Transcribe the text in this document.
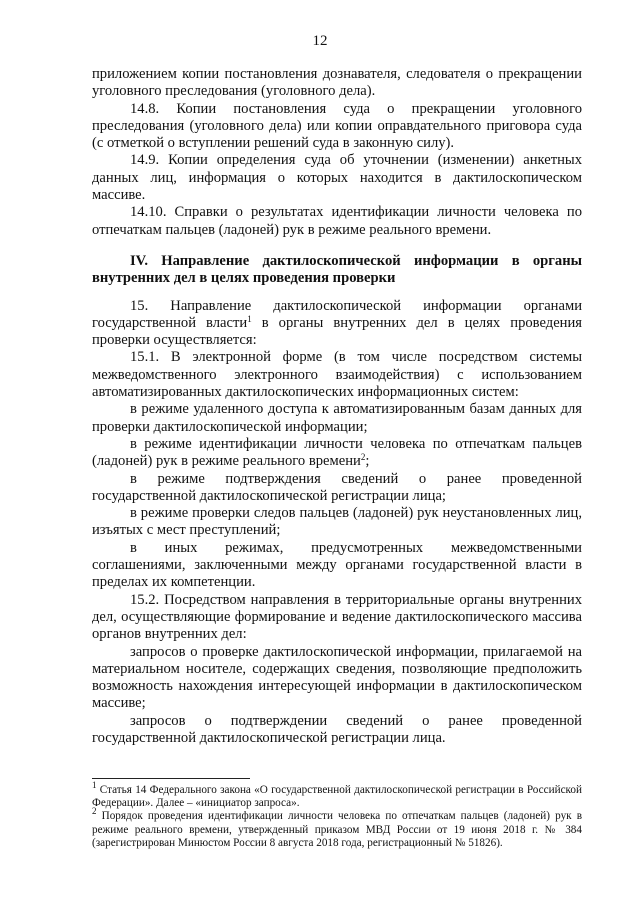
12

приложением копии постановления дознавателя, следователя о прекращении уголовного преследования (уголовного дела).

14.8. Копии постановления суда о прекращении уголовного преследования (уголовного дела) или копии оправдательного приговора суда (с отметкой о вступлении решений суда в законную силу).

14.9. Копии определения суда об уточнении (изменении) анкетных данных лиц, информация о которых находится в дактилоскопическом массиве.

14.10. Справки о результатах идентификации личности человека по отпечаткам пальцев (ладоней) рук в режиме реального времени.

IV. Направление дактилоскопической информации в органы внутренних дел в целях проведения проверки

15. Направление дактилоскопической информации органами государственной власти$^1$ в органы внутренних дел в целях проведения проверки осуществляется:

15.1. В электронной форме (в том числе посредством системы межведомственного электронного взаимодействия) с использованием автоматизированных дактилоскопических информационных систем:

в режиме удаленного доступа к автоматизированным базам данных для проверки дактилоскопической информации;

в режиме идентификации личности человека по отпечаткам пальцев (ладоней) рук в режиме реального времени$^2$;

в режиме подтверждения сведений о ранее проведенной государственной дактилоскопической регистрации лица;

в режиме проверки следов пальцев (ладоней) рук неустановленных лиц, изъятых с мест преступлений;

в иных режимах, предусмотренных межведомственными соглашениями, заключенными между органами государственной власти в пределах их компетенции.

15.2. Посредством направления в территориальные органы внутренних дел, осуществляющие формирование и ведение дактилоскопического массива органов внутренних дел:

запросов о проверке дактилоскопической информации, прилагаемой на материальном носителе, содержащих сведения, позволяющие предположить возможность нахождения интересующей информации в дактилоскопическом массиве;

запросов о подтверждении сведений о ранее проведенной государственной дактилоскопической регистрации лица.

$^1$ Статья 14 Федерального закона «О государственной дактилоскопической регистрации в Российской Федерации». Далее – «инициатор запроса».

$^2$ Порядок проведения идентификации личности человека по отпечаткам пальцев (ладоней) рук в режиме реального времени, утвержденный приказом МВД России от 19 июня 2018 г. № 384 (зарегистрирован Минюстом России 8 августа 2018 года, регистрационный № 51826).
